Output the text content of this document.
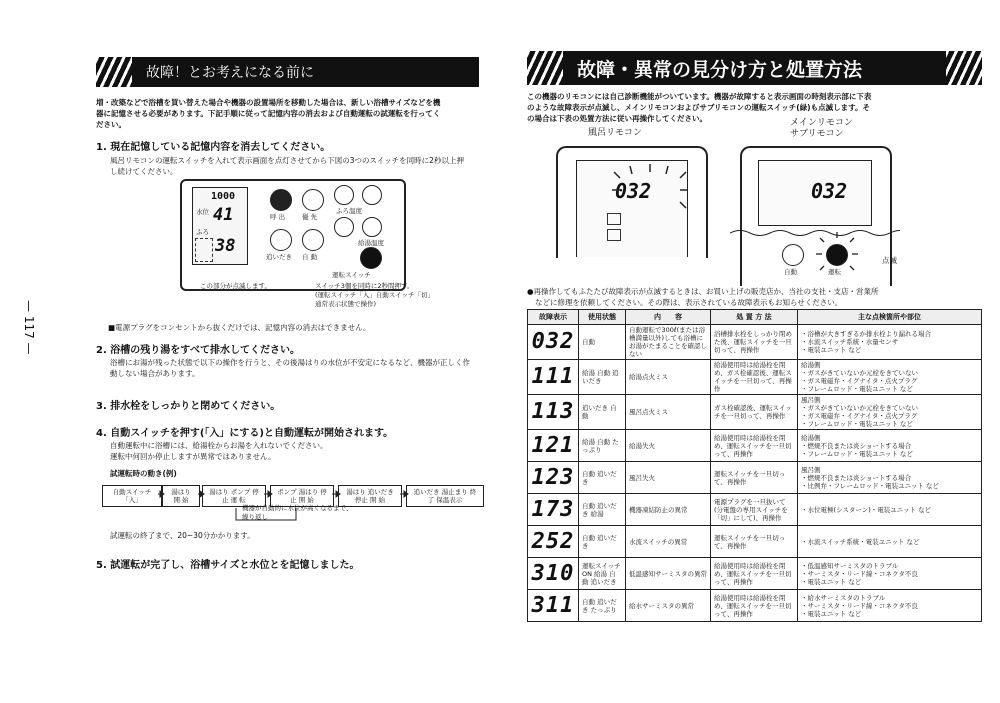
故障！とお考えになる前に
増・改築などで浴槽を買い替えた場合や機器の設置場所を移動した場合は、新しい浴槽サイズなどを機
器に記憶させる必要があります。下記手順に従って記憶内容の消去および自動運転の試運転を行ってく
ださい。
1. 現在記憶している記憶内容を消去してください。
風呂リモコンの運転スイッチを入れて表示画面を点灯させてから下図の3つのスイッチを同時に2秒以上押
し続けてください。
1000
41
ふろ
水位
38
呼 出	優 先
追いだき 自 動
ふろ温度
給湯温度
運転スイッチ
この部分が点滅します。	スイッチ3個を同時に2秒間押す。
(運転スイッチ「入」自動スイッチ「切」
通常表示状態で操作)
■電源プラグをコンセントから抜くだけでは、記憶内容の消去はできません。
2. 浴槽の残り湯をすべて排水してください。
浴槽にお湯が残った状態で以下の操作を行うと、その後湯はりの水位が不安定になるなど、機器が正しく作
動しない場合があります。
3. 排水栓をしっかりと閉めてください。
4. 自動スイッチを押す(「入」にする)と自動運転が開始されます。
自動運転中に浴槽には、給湯栓からお湯を入れないでください。
運転中何回か停止しますが異常ではありません。
試運転時の動き(例)
自動スイッチ「入」
湯はり 開 始
湯はり ポンプ 停止 運 転
ポンプ 湯はり 停止 開 始
湯はり 追いだき 停止 開 始
追いだき 湯止まり 終了 保温表示
機器が自動的に水位が高くなるまで、
繰り返し
試運転の終了まで、20~30分かかります。
5. 試運転が完了し、浴槽サイズと水位とを記憶しました。
— 117 —
故障・異常の見分け方と処置方法
この機器のリモコンには自己診断機能がついています。機器が故障すると表示画面の時刻表示部に下表
のような故障表示が点滅し、メインリモコンおよびサブリモコンの運転スイッチ(緑)も点滅します。そ
の場合は下表の処置方法に従い再操作してください。
風呂リモコン
メインリモコン
サブリモコン
032	032
自動	運転
点滅
●再操作してもふたたび故障表示が点滅するときは、お買い上げの販売店か、当社の支社・支店・営業所
などに修理を依頼してください。その際は、表示されている故障表示もお知らせください。
故障表示	使用状態	内　　容	処 置 方 法	主な点検箇所や部位
032	自動	自動運転で300ℓ(または浴槽満量以外)しても浴槽にお湯がたまることを確認しない	浴槽排水栓をしっかり閉めた後、運転スイッチを一旦切って、再操作	・浴槽が大きすぎるか排水栓より漏れる場合
・水流スイッチ系統・水量センサ
・電装ユニット など
111	給湯 自動 追いだき	給湯点火ミス	給湯使用時は給湯栓を閉め、ガス栓確認後、運転スイッチを一旦切って、再操作	給湯側
・ガスがきていないか元栓をきていない
・ガス電磁弁・イグナイタ・点火プラグ
・フレームロッド・電装ユニット など
113	追いだき 自動	風呂点火ミス	ガス栓確認後、運転スイッチを一旦切って、再操作	風呂側
・ガスがきていないか元栓をきていない
・ガス電磁弁・イグナイタ・点火プラグ
・フレームロッド・電装ユニット など
121	給湯 自動 たっぷり	給湯失火	給湯使用時は給湯栓を閉め、運転スイッチを一旦切って、再操作	給湯側
・燃焼不良または炎ショートする場合
・フレームロッド・電装ユニット など
123	自動 追いだき	風呂失火	運転スイッチを一旦切って、再操作	風呂側
・燃焼不良または炎ショートする場合
・比例弁・フレームロッド・電装ユニット など
173	自動 追いだき 給湯	機器凍結防止の異常	電源プラグを一旦抜いて(分電盤の専用スイッチを「切」にして)、再操作	・水位電極(シスターン)・電装ユニット など
252	自動 追いだき	水流スイッチの異常	運転スイッチを一旦切って、再操作	・水流スイッチ系統・電装ユニット など
310	運転スイッチON 給湯 自動 追いだき	低温感知サーミスタの異常	給湯使用時は給湯栓を閉め、運転スイッチを一旦切って、再操作	・低温感知サーミスタのトラブル
・サーミスタ・リード線・コネクタ不良
・電装ユニット など
311	自動 追いだき たっぷり	給水サーミスタの異常	給湯使用時は給湯栓を閉め、運転スイッチを一旦切って、再操作	・給水サーミスタのトラブル
・サーミスタ・リード線・コネクタ不良
・電装ユニット など
